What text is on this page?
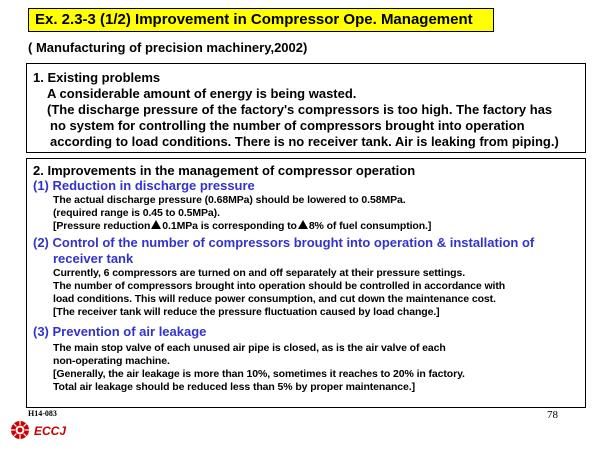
Ex. 2.3-3 (1/2) Improvement in Compressor Ope. Management
( Manufacturing of precision machinery,2002)
1. Existing problems
A considerable amount of energy is being wasted.
(The discharge pressure of the factory's compressors is too high. The factory has
no system for controlling the number of compressors brought into operation
according to load conditions. There is no receiver tank. Air is leaking from piping.)
2. Improvements in the management of compressor operation
(1) Reduction in discharge pressure
The actual discharge pressure (0.68MPa) should be lowered to 0.58MPa.
(required range is 0.45 to 0.5MPa).
[Pressure reduction 0.1MPa is corresponding to 8% of fuel consumption.]
(2) Control of the number of compressors brought into operation & installation of
receiver tank
Currently, 6 compressors are turned on and off separately at their pressure settings.
The number of compressors brought into operation should be controlled in accordance with
load conditions. This will reduce power consumption, and cut down the maintenance cost.
[The receiver tank will reduce the pressure fluctuation caused by load change.]
(3) Prevention of air leakage
The main stop valve of each unused air pipe is closed, as is the air valve of each
non-operating machine.
[Generally, the air leakage is more than 10%, sometimes it reaches to 20% in factory.
Total air leakage should be reduced less than 5% by proper maintenance.]
H14-083
ECCJ
78
